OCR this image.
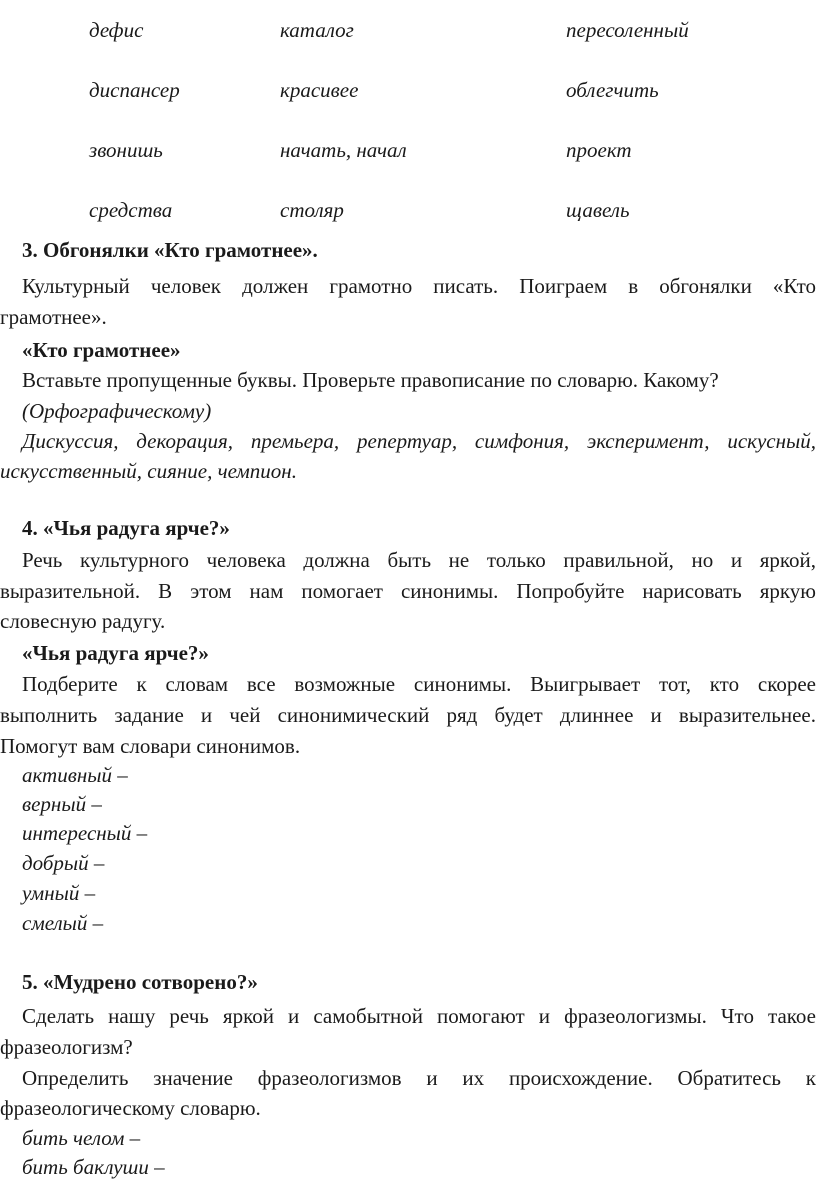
дефис	каталог	пересоленный
диспансер	красивее	облегчить
звонишь	начать, начал	проект
средства	столяр	щавель
3. Обгонялки «Кто грамотнее».
Культурный человек должен грамотно писать. Поиграем в обгонялки «Кто
грамотнее».
«Кто грамотнее»
Вставьте пропущенные буквы. Проверьте правописание по словарю. Какому?
(Орфографическому)
Дискуссия, декорация, премьера, репертуар, симфония, эксперимент, искусный,
искусственный, сияние, чемпион.
4. «Чья радуга ярче?»
Речь культурного человека должна быть не только правильной, но и яркой,
выразительной. В этом нам помогает синонимы. Попробуйте нарисовать яркую
словесную радугу.
«Чья радуга ярче?»
Подберите к словам все возможные синонимы. Выигрывает тот, кто скорее
выполнить задание и чей синонимический ряд будет длиннее и выразительнее.
Помогут вам словари синонимов.
активный –
верный –
интересный –
добрый –
умный –
смелый –
5. «Мудрено сотворено?»
Сделать нашу речь яркой и самобытной помогают и фразеологизмы. Что такое
фразеологизм?
Определить значение фразеологизмов и их происхождение. Обратитесь к
фразеологическому словарю.
бить челом –
бить баклуши –
